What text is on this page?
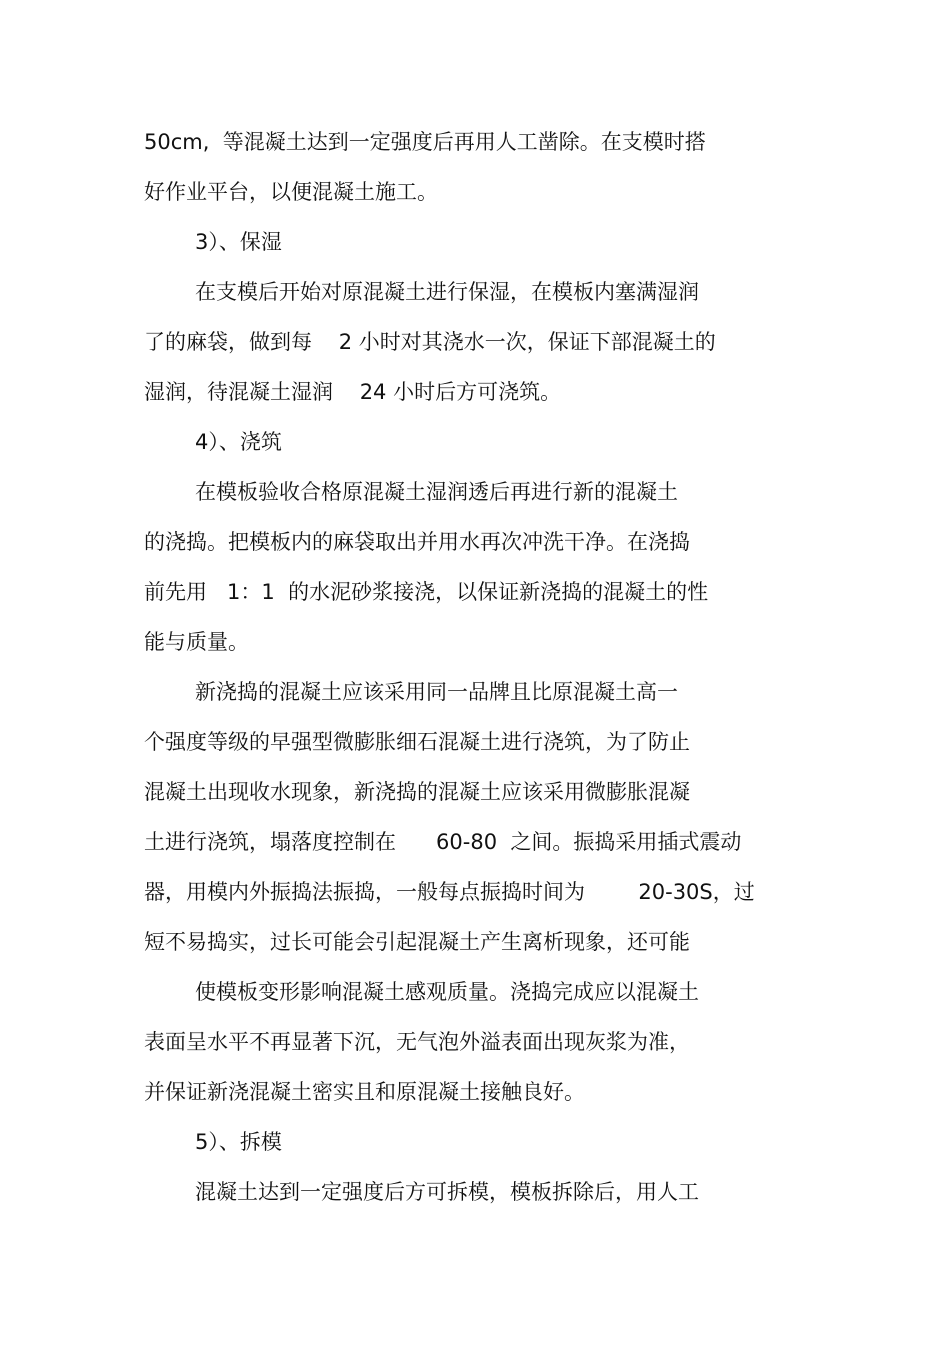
50cm,  等混凝土达到一定强度后再用人工凿除。在支模时搭
好作业平台，以便混凝土施工。
3）、保湿
在支模后开始对原混凝土进行保湿，在模板内塞满湿润
了的麻袋，做到每    2 小时对其浇水一次，保证下部混凝土的
湿润，待混凝土湿润    24 小时后方可浇筑。
4）、浇筑
在模板验收合格原混凝土湿润透后再进行新的混凝土
的浇捣。把模板内的麻袋取出并用水再次冲洗干净。在浇捣
前先用   1：1  的水泥砂浆接浇，以保证新浇捣的混凝土的性
能与质量。
新浇捣的混凝土应该采用同一品牌且比原混凝土高一
个强度等级的早强型微膨胀细石混凝土进行浇筑，为了防止
混凝土出现收水现象，新浇捣的混凝土应该采用微膨胀混凝
土进行浇筑，塌落度控制在      60-80  之间。振捣采用插式震动
器，用模内外振捣法振捣，一般每点振捣时间为        20-30S，过
短不易捣实，过长可能会引起混凝土产生离析现象，还可能
使模板变形影响混凝土感观质量。浇捣完成应以混凝土
表面呈水平不再显著下沉，无气泡外溢表面出现灰浆为准，
并保证新浇混凝土密实且和原混凝土接触良好。
5）、拆模
混凝土达到一定强度后方可拆模，模板拆除后，用人工
